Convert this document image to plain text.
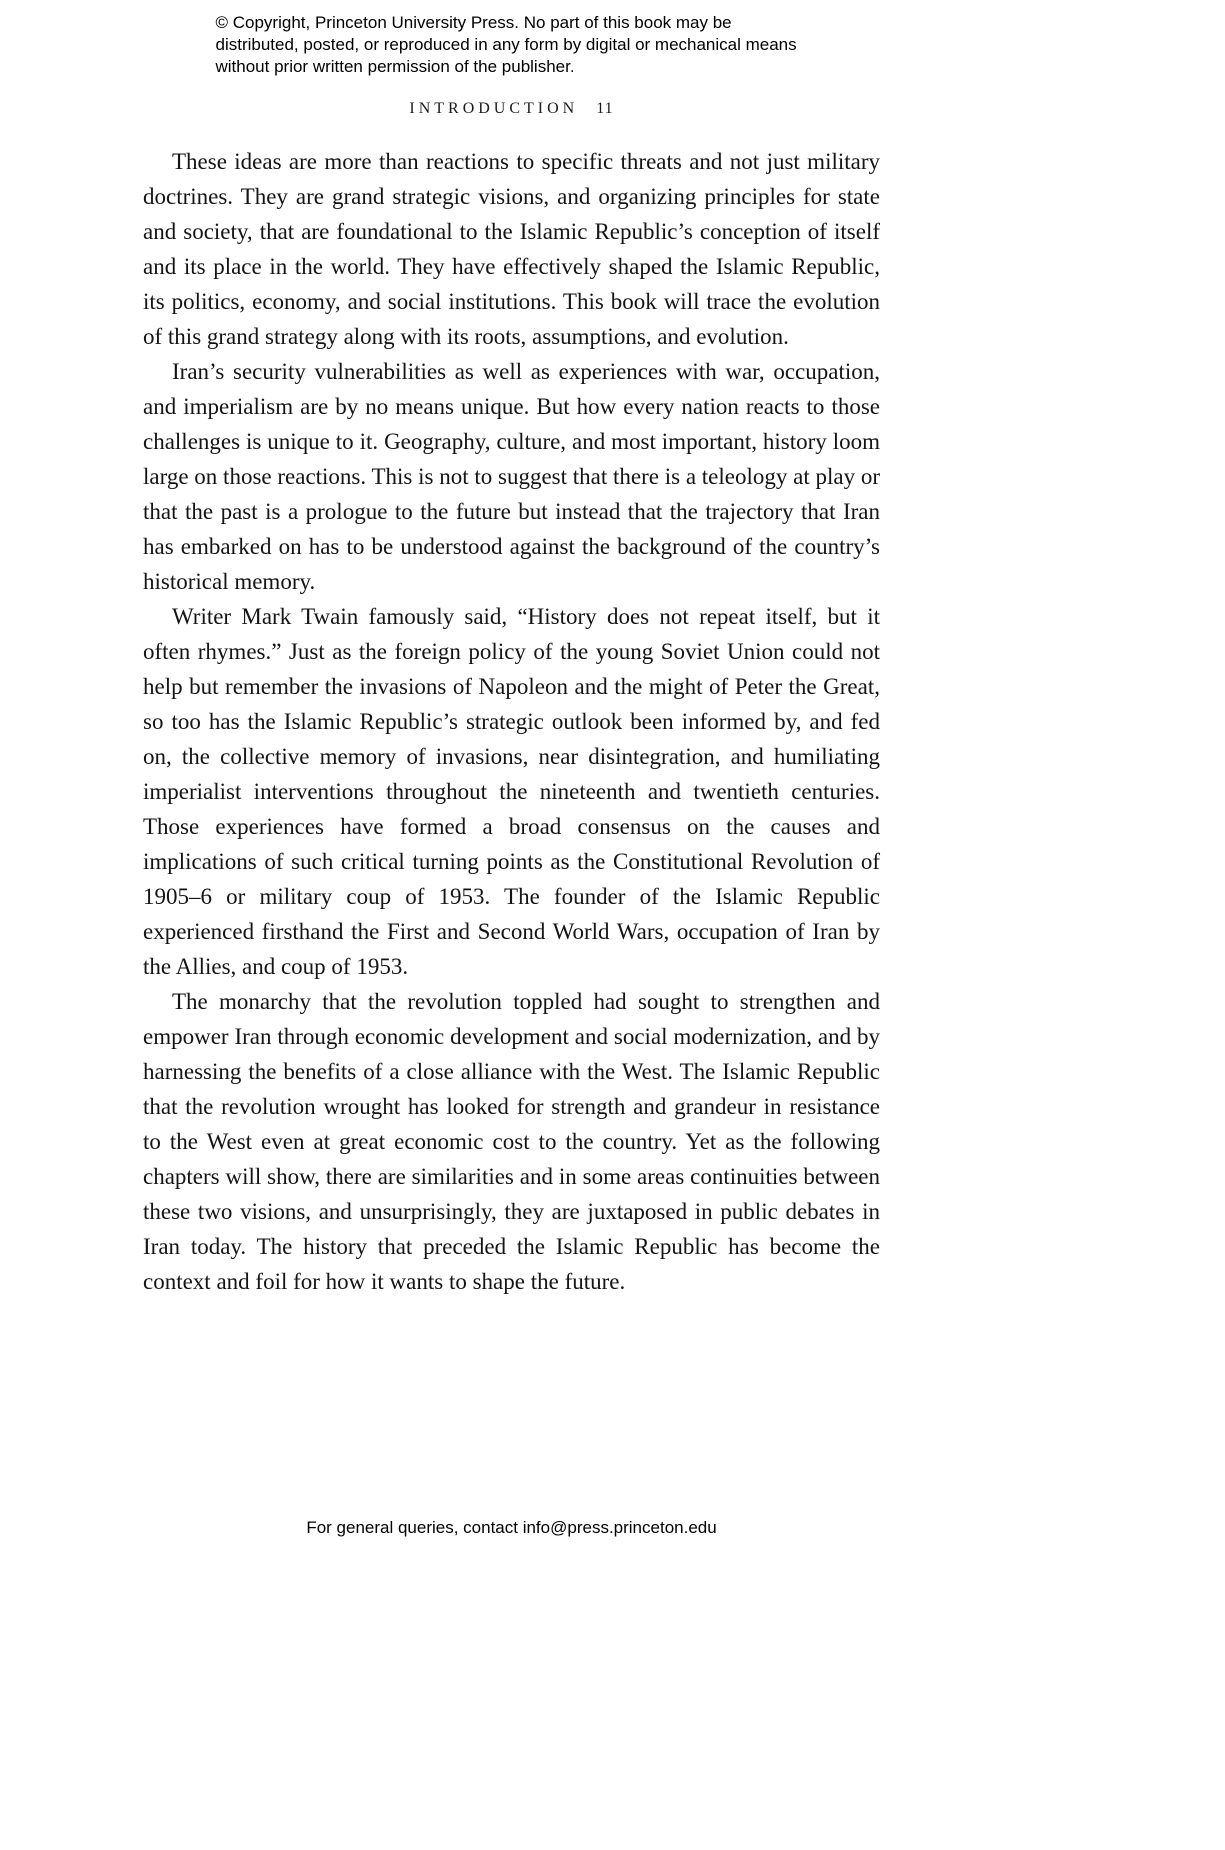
© Copyright, Princeton University Press. No part of this book may be distributed, posted, or reproduced in any form by digital or mechanical means without prior written permission of the publisher.
INTRODUCTION 11

These ideas are more than reactions to specific threats and not just military doctrines. They are grand strategic visions, and organizing principles for state and society, that are foundational to the Islamic Republic’s conception of itself and its place in the world. They have effectively shaped the Islamic Republic, its politics, economy, and social institutions. This book will trace the evolution of this grand strategy along with its roots, assumptions, and evolution.

Iran’s security vulnerabilities as well as experiences with war, occupation, and imperialism are by no means unique. But how every nation reacts to those challenges is unique to it. Geography, culture, and most important, history loom large on those reactions. This is not to suggest that there is a teleology at play or that the past is a prologue to the future but instead that the trajectory that Iran has embarked on has to be understood against the background of the country’s historical memory.

Writer Mark Twain famously said, “History does not repeat itself, but it often rhymes.” Just as the foreign policy of the young Soviet Union could not help but remember the invasions of Napoleon and the might of Peter the Great, so too has the Islamic Republic’s strategic outlook been informed by, and fed on, the collective memory of invasions, near disintegration, and humiliating imperialist interventions throughout the nineteenth and twentieth centuries. Those experiences have formed a broad consensus on the causes and implications of such critical turning points as the Constitutional Revolution of 1905–6 or military coup of 1953. The founder of the Islamic Republic experienced firsthand the First and Second World Wars, occupation of Iran by the Allies, and coup of 1953.

The monarchy that the revolution toppled had sought to strengthen and empower Iran through economic development and social modernization, and by harnessing the benefits of a close alliance with the West. The Islamic Republic that the revolution wrought has looked for strength and grandeur in resistance to the West even at great economic cost to the country. Yet as the following chapters will show, there are similarities and in some areas continuities between these two visions, and unsurprisingly, they are juxtaposed in public debates in Iran today. The history that preceded the Islamic Republic has become the context and foil for how it wants to shape the future.

For general queries, contact info@press.princeton.edu
